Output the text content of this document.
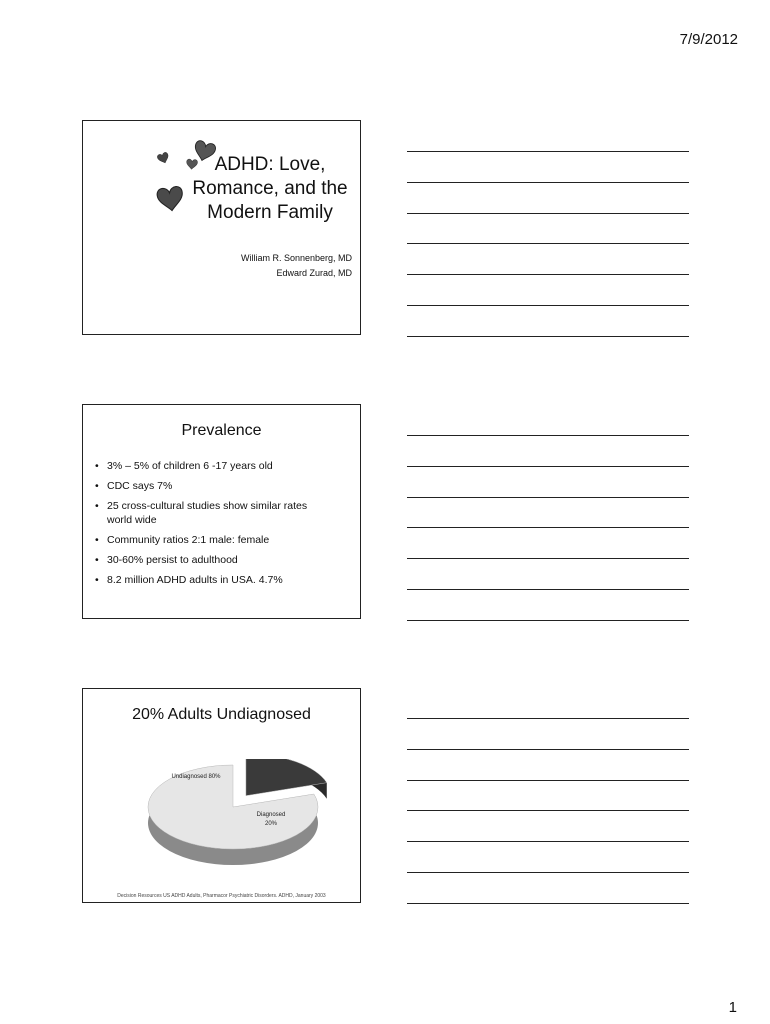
7/9/2012
ADHD: Love,
Romance, and the
Modern Family
William R. Sonnenberg, MD
Edward Zurad, MD
Prevalence
• 3% – 5% of children 6 -17 years old
• CDC says 7%
• 25 cross-cultural studies show similar rates world wide
• Community ratios 2:1 male: female
• 30-60% persist to adulthood
• 8.2 million ADHD adults in USA. 4.7%
20% Adults Undiagnosed
Undiagnosed 80%
Diagnosed 20%
Decision Resources US ADHD Adults, Pharmacor Psychiatric Disorders. ADHD, January 2003
1
